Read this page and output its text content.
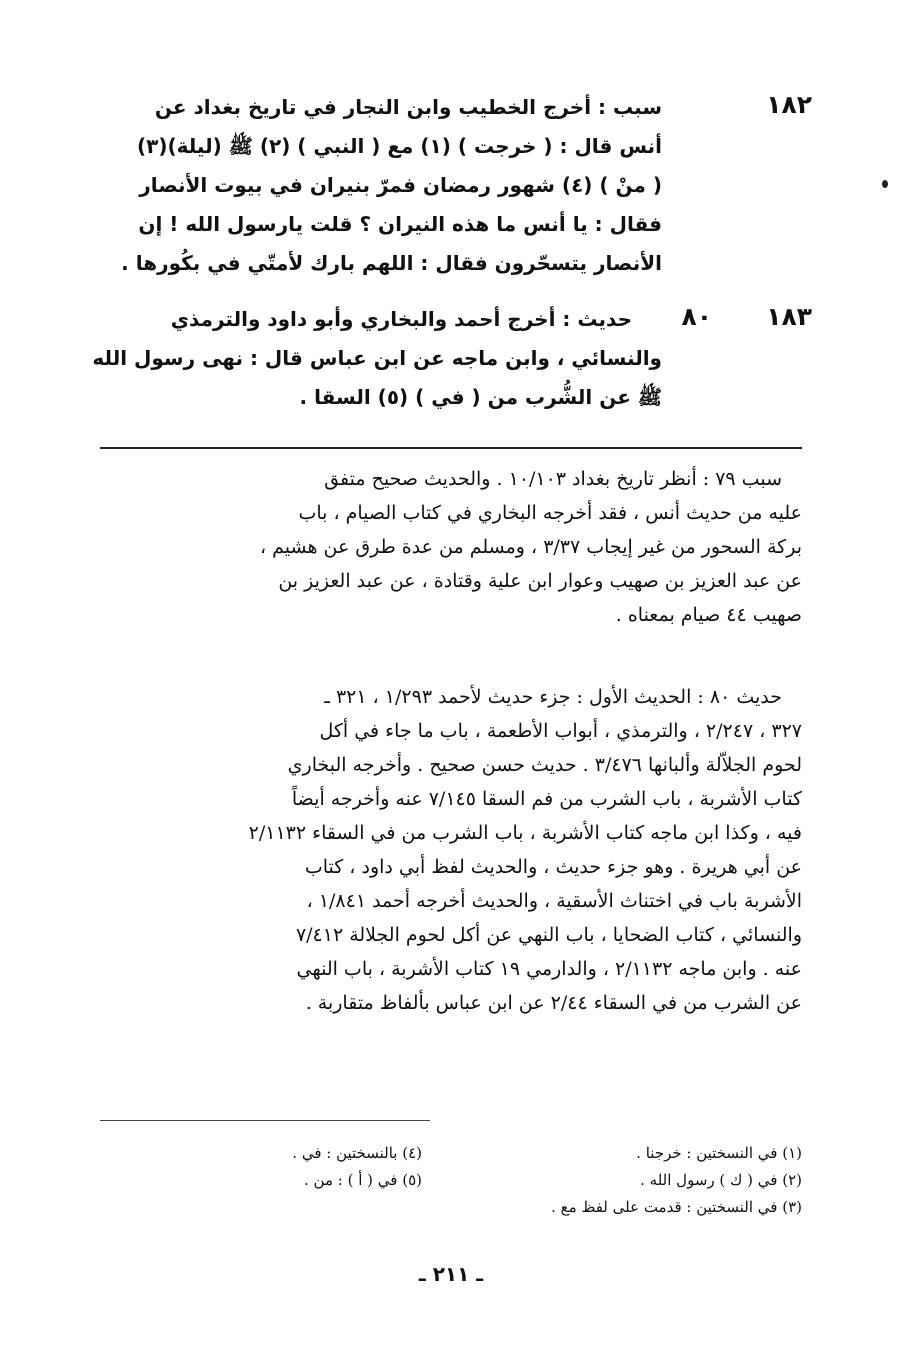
١٨٢
سبب : أخرج الخطيب وابن النجار في تاريخ بغداد عن
أنس قال : ( خرجت ) (١) مع ( النبي ) (٢) ﷺ (ليلة)(٣)
( منْ ) (٤) شهور رمضان فمرّ بنيران في بيوت الأنصار
فقال : يا أنس ما هذه النيران ؟ قلت يارسول الله ! إن
الأنصار يتسحّرون فقال : اللهم بارك لأمتّي في بكُورها .
١٨٣
٨٠
حديث : أخرج أحمد والبخاري وأبو داود والترمذي
والنسائي ، وابن ماجه عن ابن عباس قال : نهى رسول الله
ﷺ عن الشُّرب من ( في ) (٥) السقا .
سبب ٧٩ : أنظر تاريخ بغداد ١٠/١٠٣ . والحديث صحيح متفق
عليه من حديث أنس ، فقد أخرجه البخاري في كتاب الصيام ، باب
بركة السحور من غير إيجاب ٣/٣٧ ، ومسلم من عدة طرق عن هشيم ،
عن عبد العزيز بن صهيب وعوار ابن علية وقتادة ، عن عبد العزيز بن
صهيب ٤٤ صيام بمعناه .
حديث ٨٠ : الحديث الأول : جزء حديث لأحمد ١/٢٩٣ ، ٣٢١ ـ
٣٢٧ ، ٢/٢٤٧ ، والترمذي ، أبواب الأطعمة ، باب ما جاء في أكل
لحوم الجلاّلة وألبانها ٣/٤٧٦ . حديث حسن صحيح . وأخرجه البخاري
كتاب الأشربة ، باب الشرب من فم السقا ٧/١٤٥ عنه وأخرجه أيضاً
فيه ، وكذا ابن ماجه كتاب الأشربة ، باب الشرب من في السقاء ٢/١١٣٢
عن أبي هريرة . وهو جزء حديث ، والحديث لفظ أبي داود ، كتاب
الأشربة باب في اختناث الأسقية ، والحديث أخرجه أحمد ١/٨٤١ ،
والنسائي ، كتاب الضحايا ، باب النهي عن أكل لحوم الجلالة ٧/٤١٢
عنه . وابن ماجه ٢/١١٣٢ ، والدارمي ١٩ كتاب الأشربة ، باب النهي
عن الشرب من في السقاء ٢/٤٤ عن ابن عباس بألفاظ متقاربة .
(١) في النسختين : خرجنا .
(٢) في ( ك ) رسول الله .
(٣) في النسختين : قدمت على لفظ مع .
(٤) بالنسختين : في .
(٥) في ( أ ) : من .
ـ ٢١١ ـ
